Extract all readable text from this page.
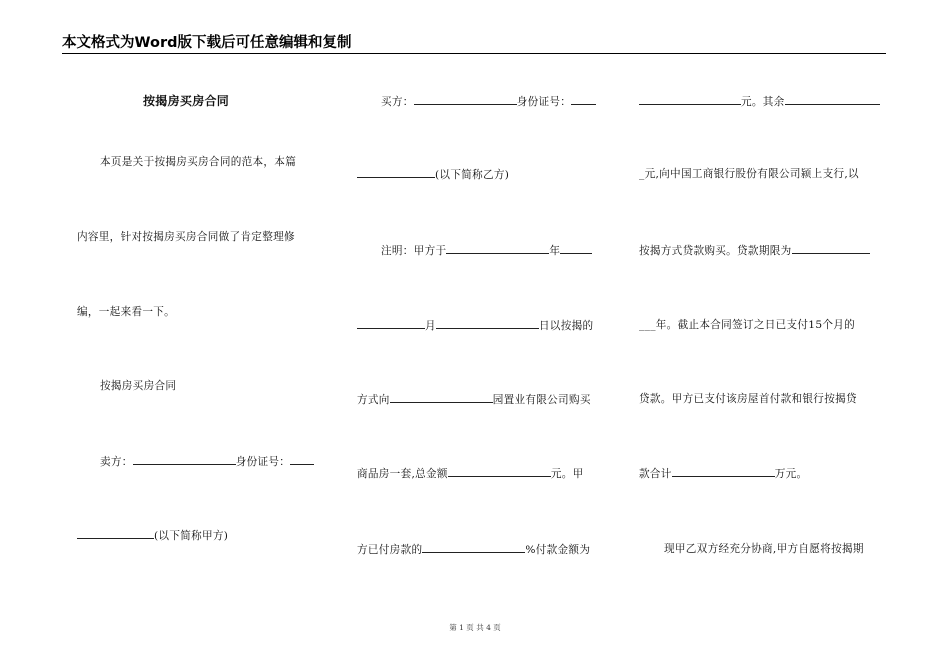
本文格式为Word版下载后可任意编辑和复制
按揭房买房合同
本页是关于按揭房买房合同的范本，本篇
内容里，针对按揭房买房合同做了肯定整理修
编，一起来看一下。
按揭房买房合同
卖方：	身份证号：
(以下简称甲方)
买方：	身份证号：
(以下简称乙方)
注明：甲方于	年
月	日以按揭的
方式向	园置业有限公司购买
商品房一套,总金额	元。甲
方已付房款的	%付款金额为
元。其余
_元,向中国工商银行股份有限公司颍上支行,以
按揭方式贷款购买。贷款期限为
___年。截止本合同签订之日已支付15个月的
贷款。甲方已支付该房屋首付款和银行按揭贷
款合计	万元。
现甲乙双方经充分协商,甲方自愿将按揭期
第 1 页 共 4 页
